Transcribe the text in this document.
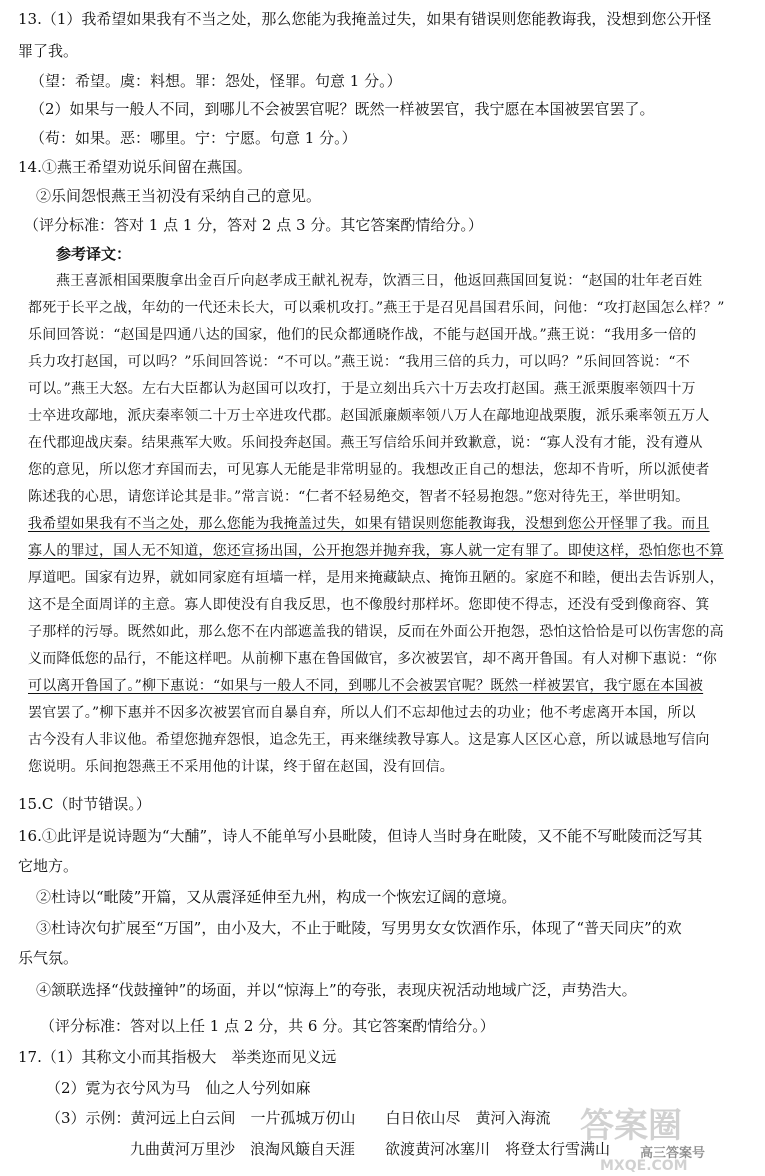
13.（1）我希望如果我有不当之处，那么您能为我掩盖过失，如果有错误则您能教诲我，没想到您公开怪
罪了我。
（望：希望。虞：料想。罪：怨处，怪罪。句意 1 分。）
（2）如果与一般人不同，到哪儿不会被罢官呢？既然一样被罢官，我宁愿在本国被罢官罢了。
（苟：如果。恶：哪里。宁：宁愿。句意 1 分。）
14.①燕王希望劝说乐间留在燕国。
②乐间怨恨燕王当初没有采纳自己的意见。
（评分标准：答对 1 点 1 分，答对 2 点 3 分。其它答案酌情给分。）
参考译文：
燕王喜派相国栗腹拿出金百斤向赵孝成王献礼祝寿，饮酒三日，他返回燕国回复说：“赵国的壮年老百姓
都死于长平之战，年幼的一代还未长大，可以乘机攻打。”燕王于是召见昌国君乐间，问他：“攻打赵国怎么样？”
乐间回答说：“赵国是四通八达的国家，他们的民众都通晓作战，不能与赵国开战。”燕王说：“我用多一倍的
兵力攻打赵国，可以吗？”乐间回答说：“不可以。”燕王说：“我用三倍的兵力，可以吗？”乐间回答说：“不
可以。”燕王大怒。左右大臣都认为赵国可以攻打，于是立刻出兵六十万去攻打赵国。燕王派栗腹率领四十万
士卒进攻鄗地，派庆秦率领二十万士卒进攻代郡。赵国派廉颇率领八万人在鄗地迎战栗腹，派乐乘率领五万人
在代郡迎战庆秦。结果燕军大败。乐间投奔赵国。燕王写信给乐间并致歉意，说：“寡人没有才能，没有遵从
您的意见，所以您才弃国而去，可见寡人无能是非常明显的。我想改正自己的想法，您却不肯听，所以派使者
陈述我的心思，请您详论其是非。”常言说：“仁者不轻易绝交，智者不轻易抱怨。”您对待先王，举世明知。
我希望如果我有不当之处，那么您能为我掩盖过失，如果有错误则您能教诲我，没想到您公开怪罪了我。而且
寡人的罪过，国人无不知道，您还宣扬出国，公开抱怨并抛弃我，寡人就一定有罪了。即使这样，恐怕您也不算
厚道吧。国家有边界，就如同家庭有垣墙一样，是用来掩藏缺点、掩饰丑陋的。家庭不和睦，便出去告诉别人，
这不是全面周详的主意。寡人即使没有自我反思，也不像殷纣那样坏。您即使不得志，还没有受到像商容、箕
子那样的污辱。既然如此，那么您不在内部遮盖我的错误，反而在外面公开抱怨，恐怕这恰恰是可以伤害您的高
义而降低您的品行，不能这样吧。从前柳下惠在鲁国做官，多次被罢官，却不离开鲁国。有人对柳下惠说：“你
可以离开鲁国了。”柳下惠说：“如果与一般人不同，到哪儿不会被罢官呢？既然一样被罢官，我宁愿在本国被
罢官罢了。”柳下惠并不因多次被罢官而自暴自弃，所以人们不忘却他过去的功业；他不考虑离开本国，所以
古今没有人非议他。希望您抛弃怨恨，追念先王，再来继续教导寡人。这是寡人区区心意，所以诚恳地写信向
您说明。乐间抱怨燕王不采用他的计谋，终于留在赵国，没有回信。
15.C（时节错误。）
16.①此评是说诗题为“大酺”，诗人不能单写小县毗陵，但诗人当时身在毗陵，又不能不写毗陵而泛写其
它地方。
②杜诗以“毗陵”开篇，又从震泽延伸至九州，构成一个恢宏辽阔的意境。
③杜诗次句扩展至“万国”，由小及大，不止于毗陵，写男男女女饮酒作乐，体现了“普天同庆”的欢
乐气氛。
④颔联选择“伐鼓撞钟”的场面，并以“惊海上”的夸张，表现庆祝活动地域广泛，声势浩大。
（评分标准：答对以上任 1 点 2 分，共 6 分。其它答案酌情给分。）
17.（1）其称文小而其指极大　举类迩而见义远
（2）霓为衣兮风为马　仙之人兮列如麻
（3）示例：黄河远上白云间　一片孤城万仞山　　白日依山尽　黄河入海流
九曲黄河万里沙　浪淘风簸自天涯　　欲渡黄河冰塞川　将登太行雪满山
答案圈
高三答案号
MXQE.COM
